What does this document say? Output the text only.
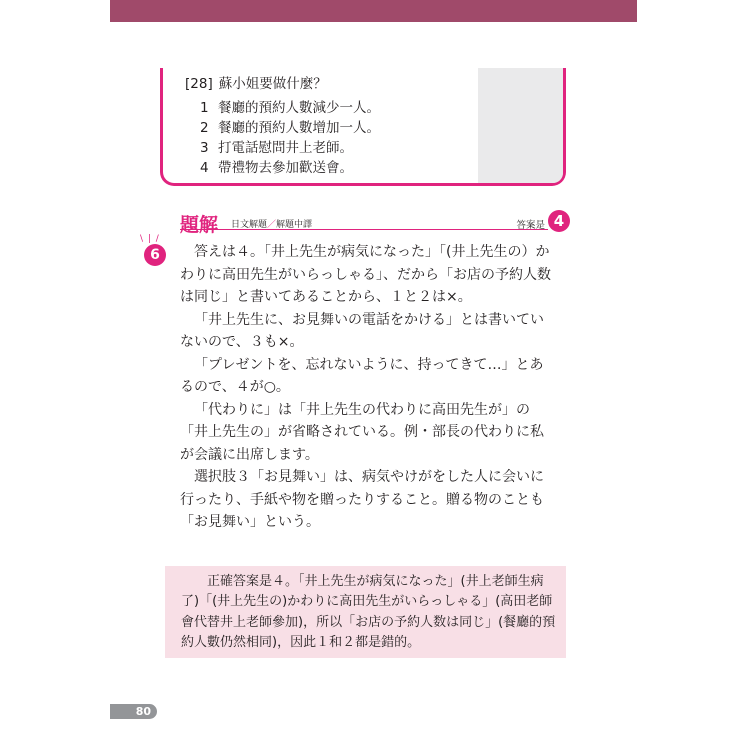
[28] 蘇小姐要做什麼？
1 餐廳的預約人數減少一人。
2 餐廳的預約人數增加一人。
3 打電話慰問井上老師。
4 帶禮物去參加歡送會。
題解 日文解題／解題中譯	答案是 4
\ | /
6	答えは４。「井上先生が病気になった」「(井上先生の）かわりに高田先生がいらっしゃる」、だから「お店の予約人数は同じ」と書いてあることから、１と２は×。

「井上先生に、お見舞いの電話をかける」とは書いていないので、３も×。

「プレゼントを、忘れないように、持ってきて…」とあるので、４が○。

「代わりに」は「井上先生の代わりに高田先生が」の「井上先生の」が省略されている。例・部長の代わりに私が会議に出席します。

選択肢３「お見舞い」は、病気やけがをした人に会いに行ったり、手紙や物を贈ったりすること。贈る物のことも「お見舞い」という。

正確答案是４。「井上先生が病気になった」(井上老師生病了)「(井上先生の)かわりに高田先生がいらっしゃる」(高田老師會代替井上老師參加)，所以「お店の予約人数は同じ」(餐廳的預約人數仍然相同)，因此１和２都是錯的。

80
